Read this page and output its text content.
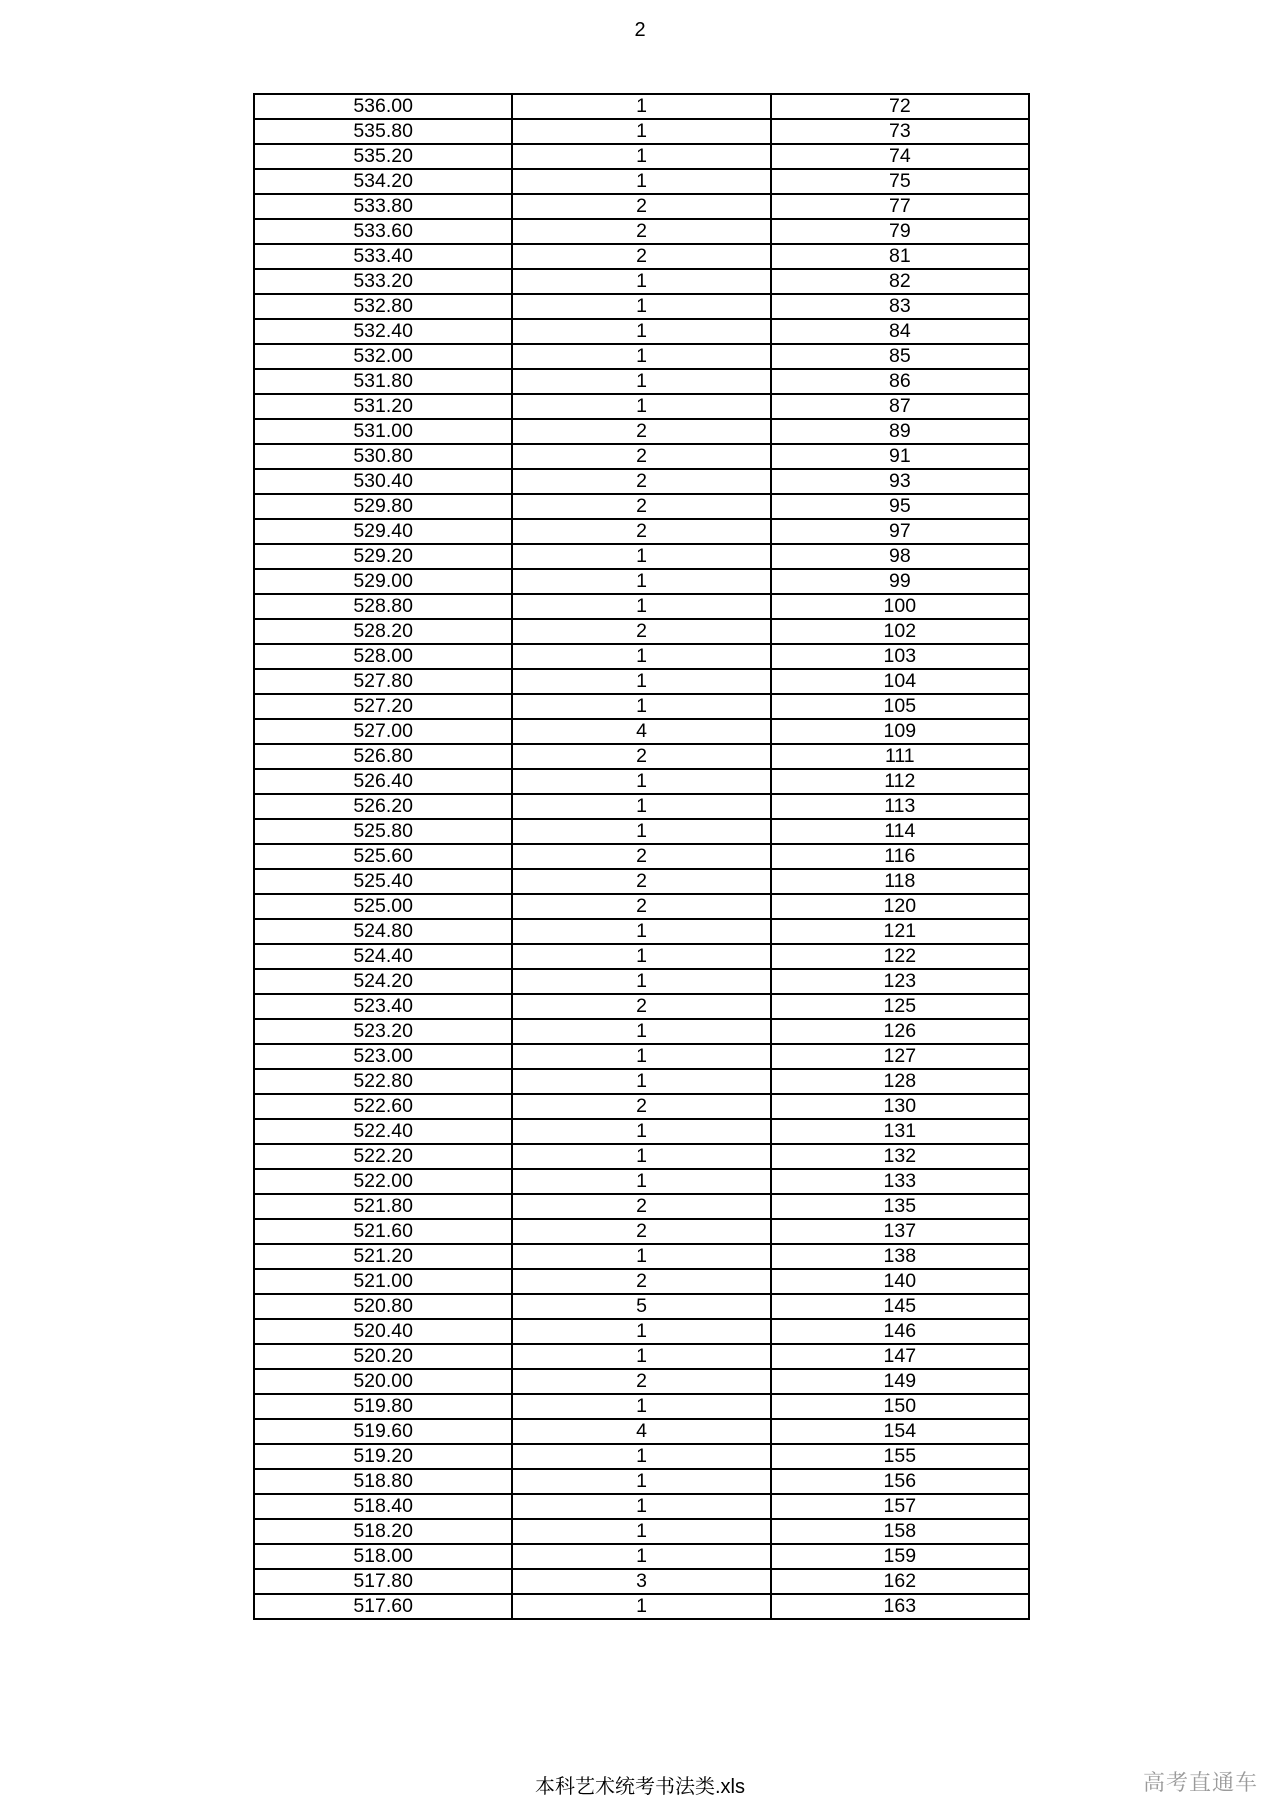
2
536.00	1	72
535.80	1	73
535.20	1	74
534.20	1	75
533.80	2	77
533.60	2	79
533.40	2	81
533.20	1	82
532.80	1	83
532.40	1	84
532.00	1	85
531.80	1	86
531.20	1	87
531.00	2	89
530.80	2	91
530.40	2	93
529.80	2	95
529.40	2	97
529.20	1	98
529.00	1	99
528.80	1	100
528.20	2	102
528.00	1	103
527.80	1	104
527.20	1	105
527.00	4	109
526.80	2	111
526.40	1	112
526.20	1	113
525.80	1	114
525.60	2	116
525.40	2	118
525.00	2	120
524.80	1	121
524.40	1	122
524.20	1	123
523.40	2	125
523.20	1	126
523.00	1	127
522.80	1	128
522.60	2	130
522.40	1	131
522.20	1	132
522.00	1	133
521.80	2	135
521.60	2	137
521.20	1	138
521.00	2	140
520.80	5	145
520.40	1	146
520.20	1	147
520.00	2	149
519.80	1	150
519.60	4	154
519.20	1	155
518.80	1	156
518.40	1	157
518.20	1	158
518.00	1	159
517.80	3	162
517.60	1	163
本科艺术统考书法类.xls	高考直通车
